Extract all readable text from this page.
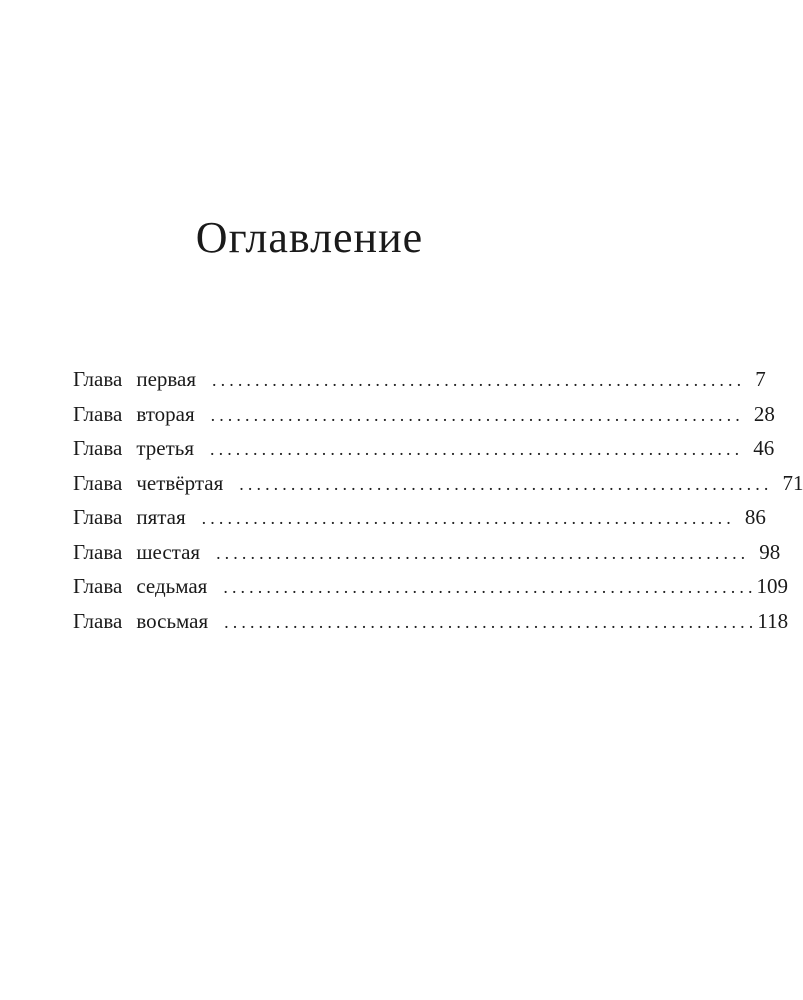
Оглавление
Глава первая .............................................................. 7
Глава вторая .............................................................. 28
Глава третья .............................................................. 46
Глава четвёртая .............................................................. 71
Глава пятая .............................................................. 86
Глава шестая .............................................................. 98
Глава седьмая .............................................................. 109
Глава восьмая .............................................................. 118
